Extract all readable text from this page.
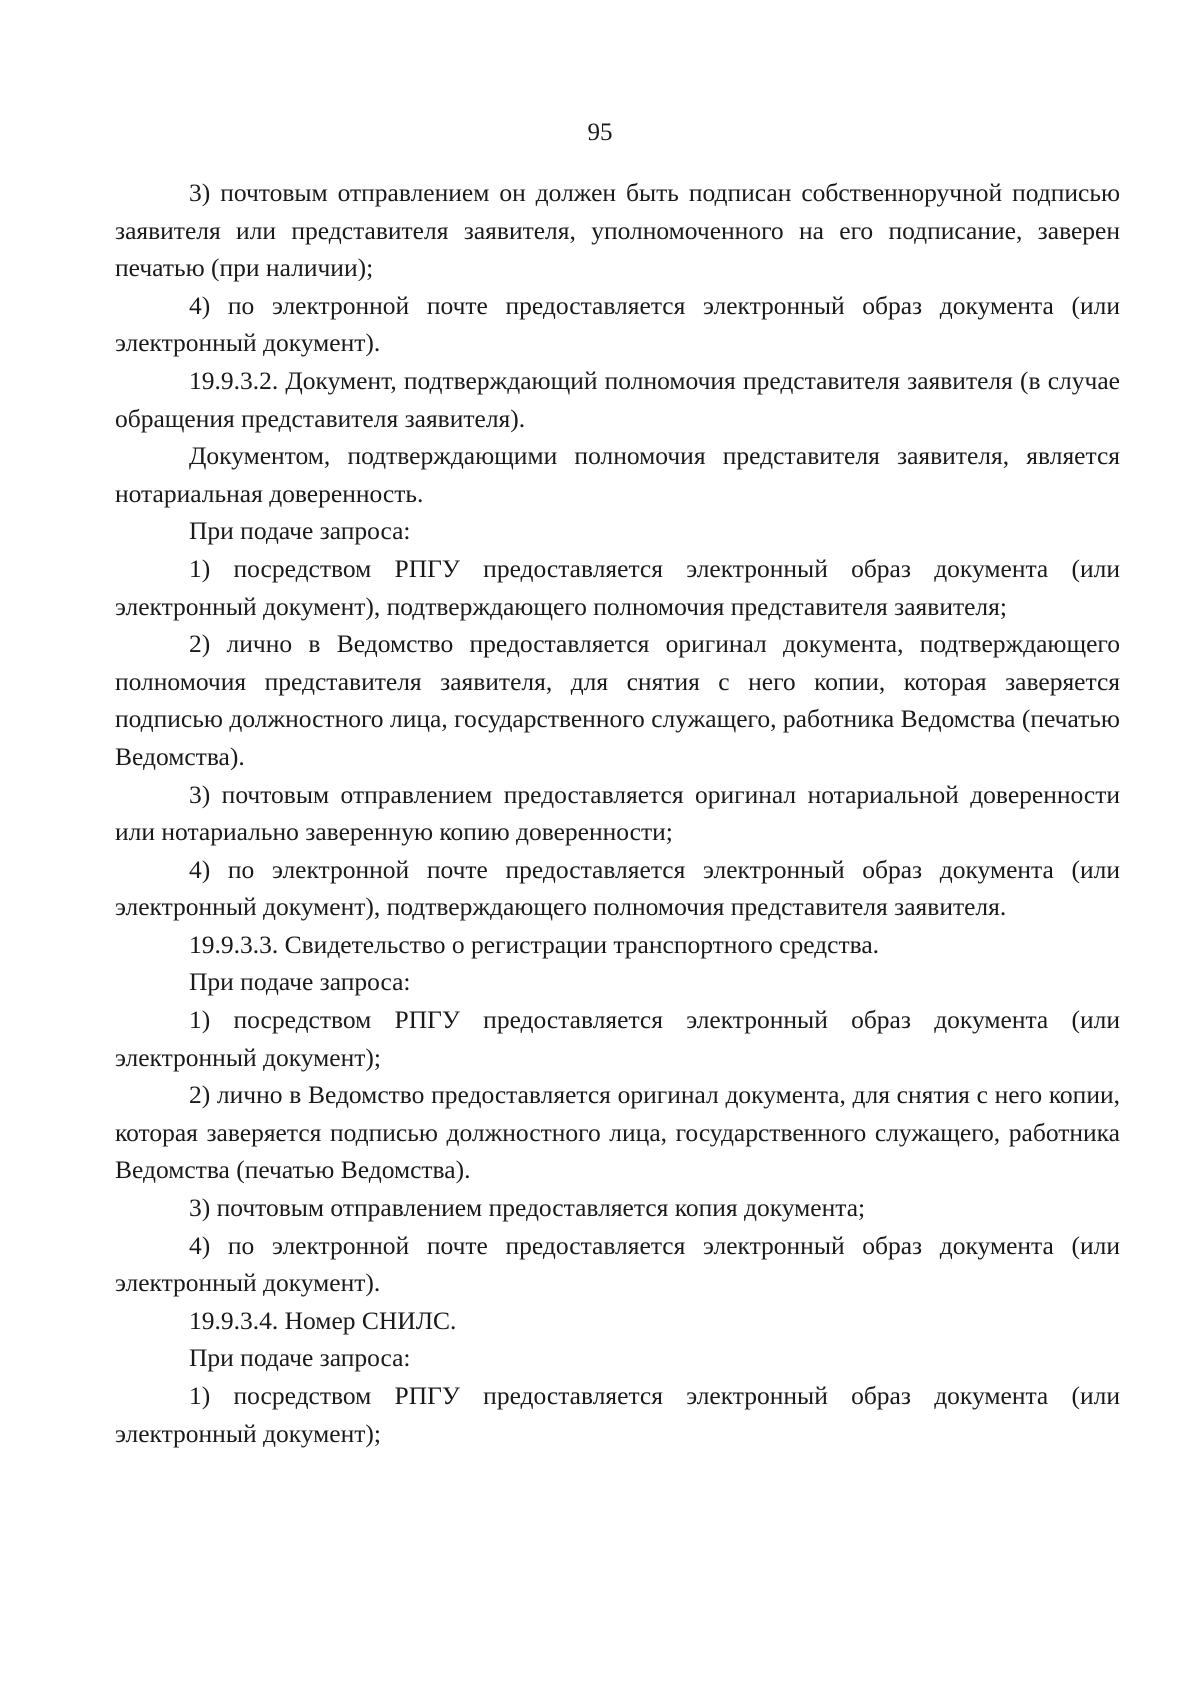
95

3) почтовым отправлением он должен быть подписан собственноручной подписью заявителя или представителя заявителя, уполномоченного на его подписание, заверен печатью (при наличии);

4) по электронной почте предоставляется электронный образ документа (или электронный документ).

19.9.3.2. Документ, подтверждающий полномочия представителя заявителя (в случае обращения представителя заявителя).

Документом, подтверждающими полномочия представителя заявителя, является нотариальная доверенность.

При подаче запроса:

1) посредством РПГУ предоставляется электронный образ документа (или электронный документ), подтверждающего полномочия представителя заявителя;

2) лично в Ведомство предоставляется оригинал документа, подтверждающего полномочия представителя заявителя, для снятия с него копии, которая заверяется подписью должностного лица, государственного служащего, работника Ведомства (печатью Ведомства).

3) почтовым отправлением предоставляется оригинал нотариальной доверенности или нотариально заверенную копию доверенности;

4) по электронной почте предоставляется электронный образ документа (или электронный документ), подтверждающего полномочия представителя заявителя.

19.9.3.3. Свидетельство о регистрации транспортного средства.

При подаче запроса:

1) посредством РПГУ предоставляется электронный образ документа (или электронный документ);

2) лично в Ведомство предоставляется оригинал документа, для снятия с него копии, которая заверяется подписью должностного лица, государственного служащего, работника Ведомства (печатью Ведомства).

3) почтовым отправлением предоставляется копия документа;

4) по электронной почте предоставляется электронный образ документа (или электронный документ).

19.9.3.4. Номер СНИЛС.

При подаче запроса:

1) посредством РПГУ предоставляется электронный образ документа (или электронный документ);
